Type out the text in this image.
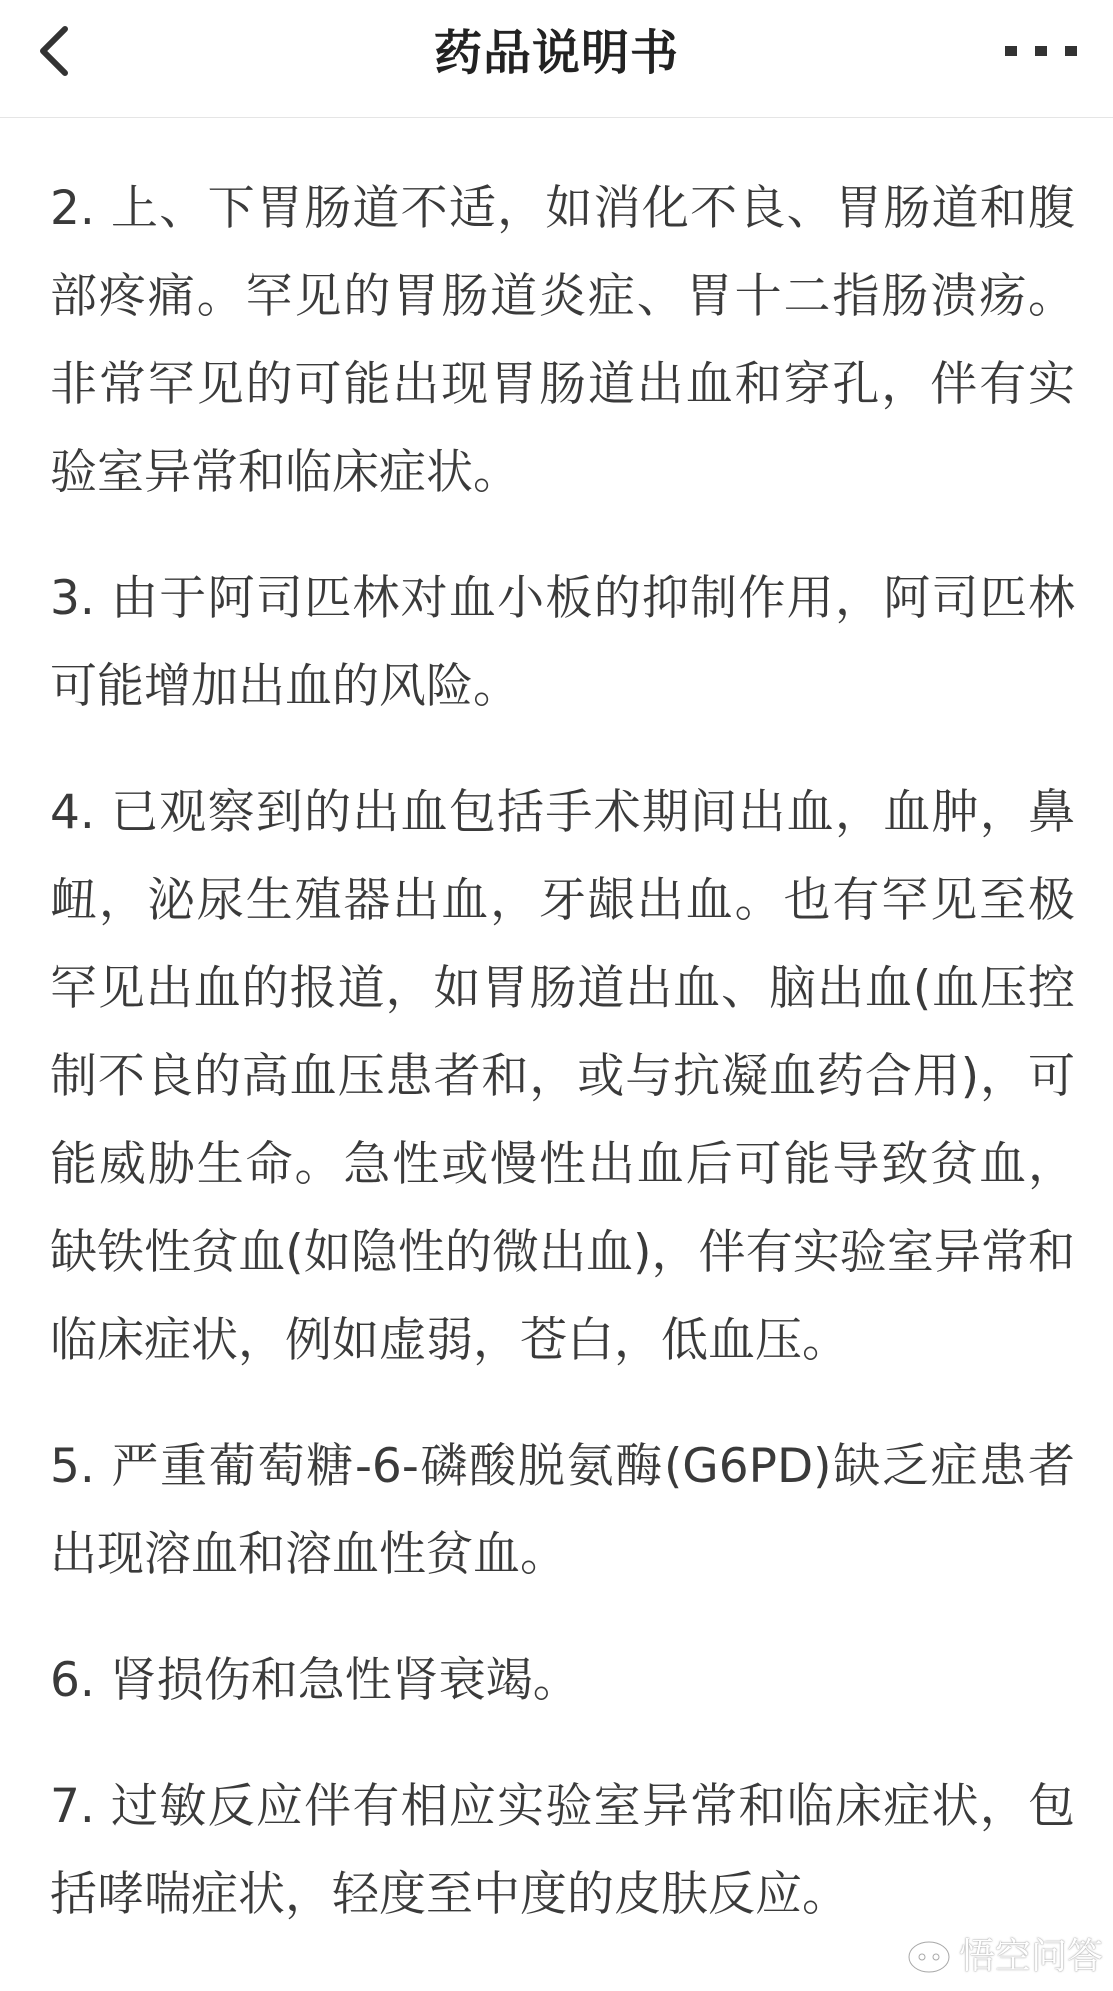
药品说明书

2. 上、下胃肠道不适，如消化不良、胃肠道和腹部疼痛。罕见的胃肠道炎症、胃十二指肠溃疡。非常罕见的可能出现胃肠道出血和穿孔，伴有实验室异常和临床症状。

3. 由于阿司匹林对血小板的抑制作用，阿司匹林可能增加出血的风险。

4. 已观察到的出血包括手术期间出血，血肿，鼻衄，泌尿生殖器出血，牙龈出血。也有罕见至极罕见出血的报道，如胃肠道出血、脑出血(血压控制不良的高血压患者和，或与抗凝血药合用)，可能威胁生命。急性或慢性出血后可能导致贫血，缺铁性贫血(如隐性的微出血)，伴有实验室异常和临床症状，例如虚弱，苍白，低血压。

5. 严重葡萄糖-6-磷酸脱氨酶(G6PD)缺乏症患者出现溶血和溶血性贫血。

6. 肾损伤和急性肾衰竭。

7. 过敏反应伴有相应实验室异常和临床症状，包括哮喘症状，轻度至中度的皮肤反应。

悟空问答
